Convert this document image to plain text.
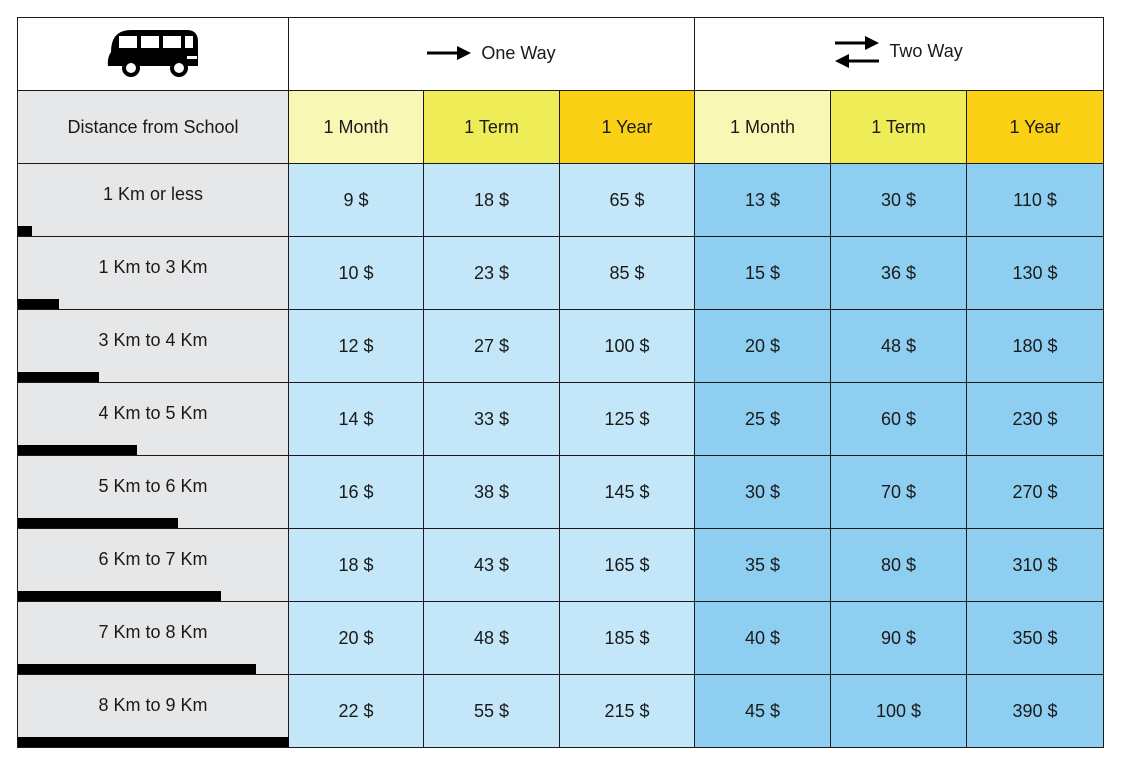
One Way			Two Way		

Distance from School	1 Month	1 Term	1 Year	1 Month	1 Term	1 Year
1 Km or less	9 $	18 $	65 $	13 $	30 $	110 $
1 Km to 3 Km	10 $	23 $	85 $	15 $	36 $	130 $
3 Km to 4 Km	12 $	27 $	100 $	20 $	48 $	180 $
4 Km to 5 Km	14 $	33 $	125 $	25 $	60 $	230 $
5 Km to 6 Km	16 $	38 $	145 $	30 $	70 $	270 $
6 Km to 7 Km	18 $	43 $	165 $	35 $	80 $	310 $
7 Km to 8 Km	20 $	48 $	185 $	40 $	90 $	350 $
8 Km to 9 Km	22 $	55 $	215 $	45 $	100 $	390 $
